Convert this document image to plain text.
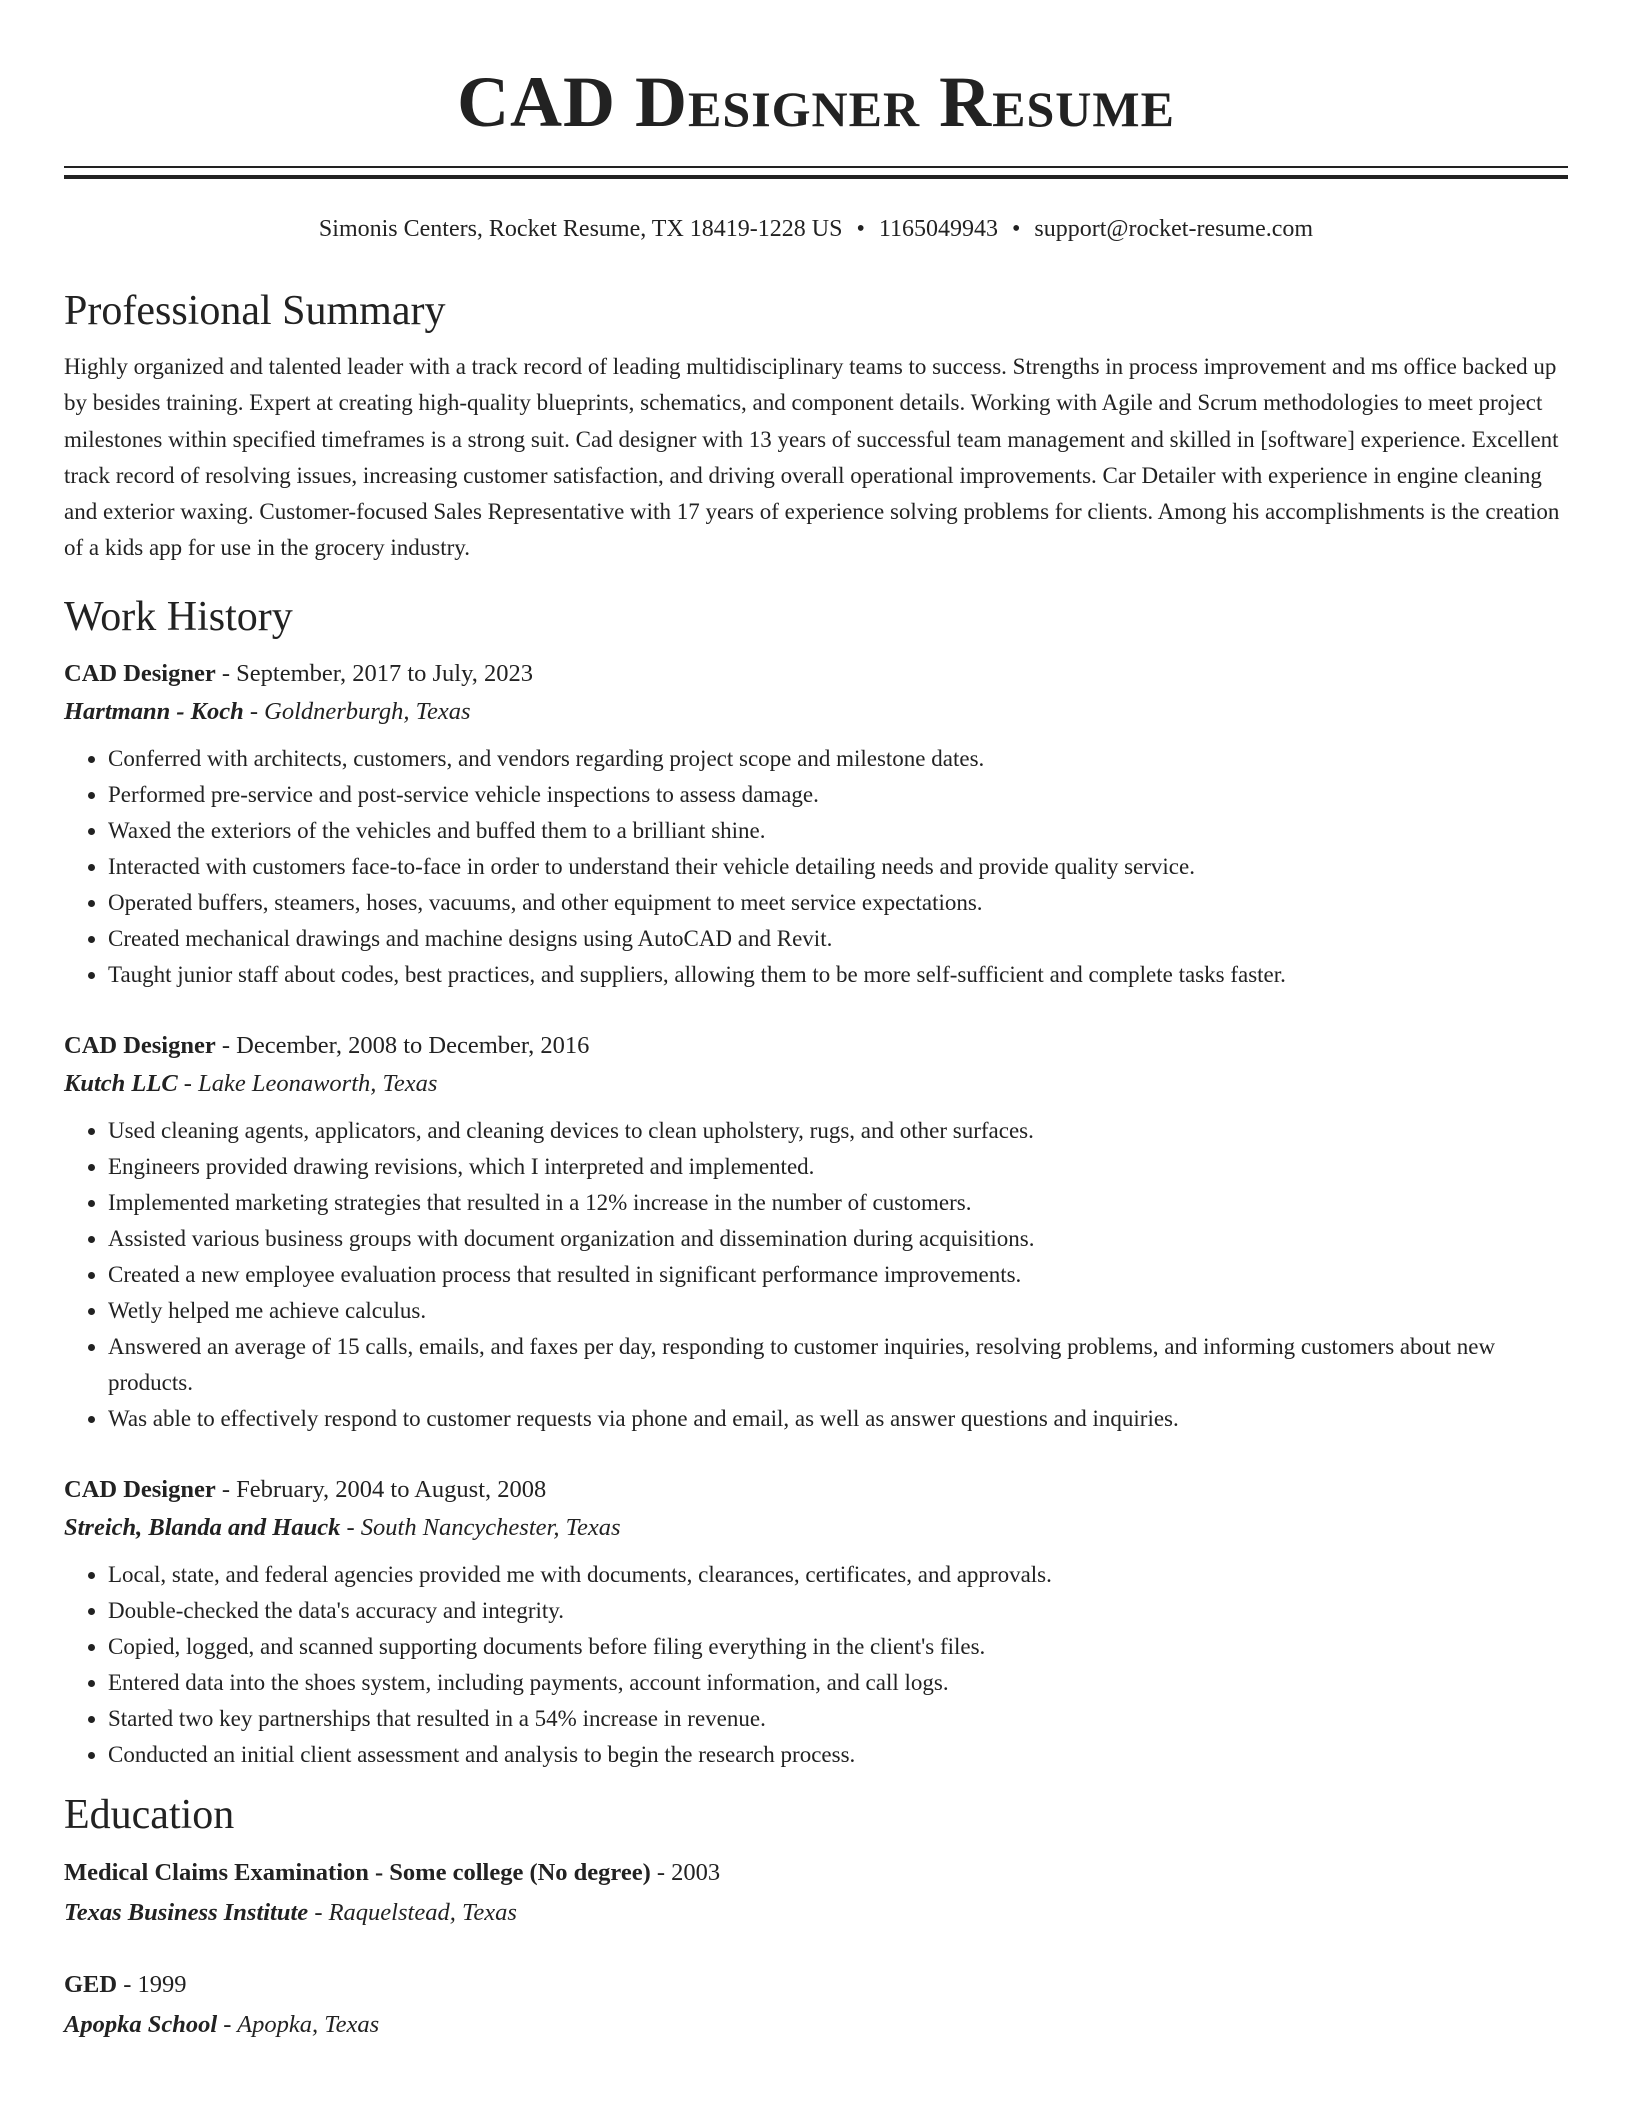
CAD Designer Resume
Simonis Centers, Rocket Resume, TX 18419-1228 US • 1165049943 • support@rocket-resume.com
Professional Summary

Highly organized and talented leader with a track record of leading multidisciplinary teams to success. Strengths in process improvement and ms office backed up by besides training. Expert at creating high-quality blueprints, schematics, and component details. Working with Agile and Scrum methodologies to meet project milestones within specified timeframes is a strong suit. Cad designer with 13 years of successful team management and skilled in [software] experience. Excellent track record of resolving issues, increasing customer satisfaction, and driving overall operational improvements. Car Detailer with experience in engine cleaning and exterior waxing. Customer-focused Sales Representative with 17 years of experience solving problems for clients. Among his accomplishments is the creation of a kids app for use in the grocery industry.

Work History
CAD Designer - September, 2017 to July, 2023
Hartmann - Koch - Goldnerburgh, Texas
• Conferred with architects, customers, and vendors regarding project scope and milestone dates.
• Performed pre-service and post-service vehicle inspections to assess damage.
• Waxed the exteriors of the vehicles and buffed them to a brilliant shine.
• Interacted with customers face-to-face in order to understand their vehicle detailing needs and provide quality service.
• Operated buffers, steamers, hoses, vacuums, and other equipment to meet service expectations.
• Created mechanical drawings and machine designs using AutoCAD and Revit.
• Taught junior staff about codes, best practices, and suppliers, allowing them to be more self-sufficient and complete tasks faster.
CAD Designer - December, 2008 to December, 2016
Kutch LLC - Lake Leonaworth, Texas
• Used cleaning agents, applicators, and cleaning devices to clean upholstery, rugs, and other surfaces.
• Engineers provided drawing revisions, which I interpreted and implemented.
• Implemented marketing strategies that resulted in a 12% increase in the number of customers.
• Assisted various business groups with document organization and dissemination during acquisitions.
• Created a new employee evaluation process that resulted in significant performance improvements.
• Wetly helped me achieve calculus.
• Answered an average of 15 calls, emails, and faxes per day, responding to customer inquiries, resolving problems, and informing customers about new products.
• Was able to effectively respond to customer requests via phone and email, as well as answer questions and inquiries.
CAD Designer - February, 2004 to August, 2008
Streich, Blanda and Hauck - South Nancychester, Texas
• Local, state, and federal agencies provided me with documents, clearances, certificates, and approvals.
• Double-checked the data's accuracy and integrity.
• Copied, logged, and scanned supporting documents before filing everything in the client's files.
• Entered data into the shoes system, including payments, account information, and call logs.
• Started two key partnerships that resulted in a 54% increase in revenue.
• Conducted an initial client assessment and analysis to begin the research process.
Education
Medical Claims Examination - Some college (No degree) - 2003
Texas Business Institute - Raquelstead, Texas
GED - 1999
Apopka School - Apopka, Texas
